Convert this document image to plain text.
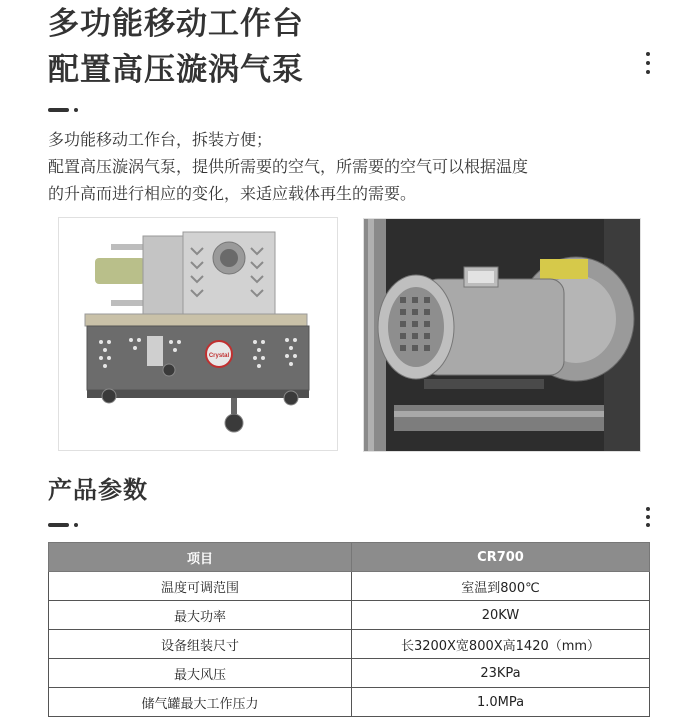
多功能移动工作台
配置高压漩涡气泵
多功能移动工作台，拆装方便；
配置高压漩涡气泵，提供所需要的空气，所需要的空气可以根据温度
的升高而进行相应的变化，来适应载体再生的需要。
Crystal
产品参数
项目	CR700
温度可调范围	室温到800℃
最大功率	20KW
设备组装尺寸	长3200X宽800X高1420（mm）
最大风压	23KPa
储气罐最大工作压力	1.0MPa
